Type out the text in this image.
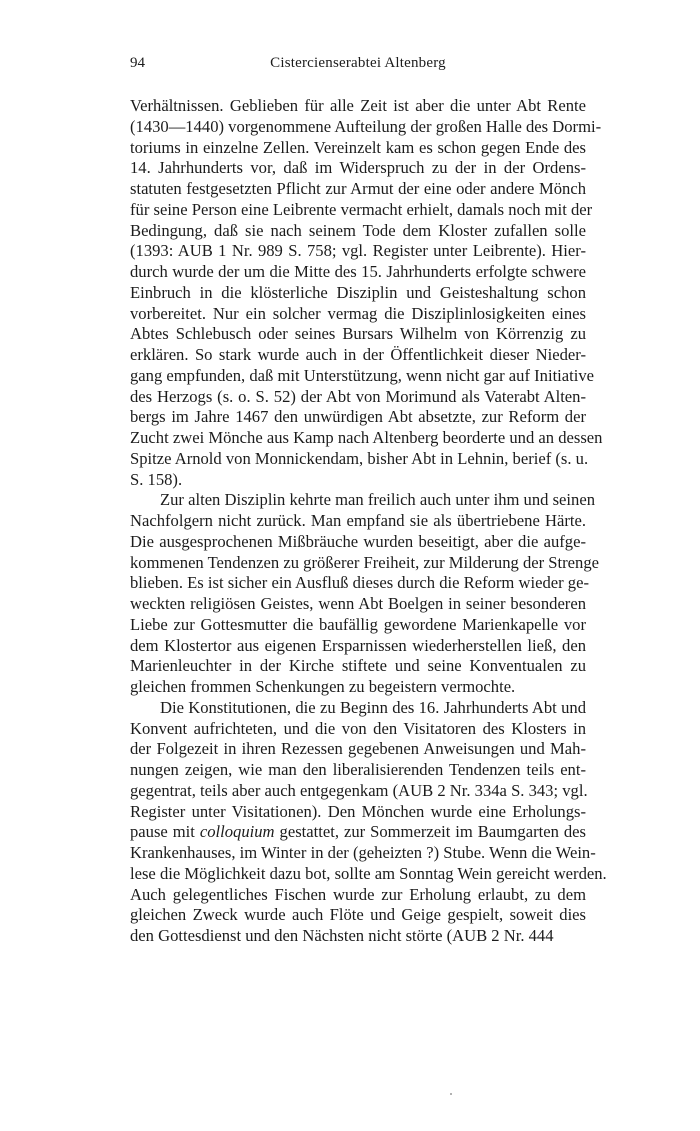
94	Cistercienserabtei Altenberg
Verhältnissen. Geblieben für alle Zeit ist aber die unter Abt Rente
(1430—1440) vorgenommene Aufteilung der großen Halle des Dormi-
toriums in einzelne Zellen. Vereinzelt kam es schon gegen Ende des
14. Jahrhunderts vor, daß im Widerspruch zu der in der Ordens-
statuten festgesetzten Pflicht zur Armut der eine oder andere Mönch
für seine Person eine Leibrente vermacht erhielt, damals noch mit der
Bedingung, daß sie nach seinem Tode dem Kloster zufallen solle
(1393: AUB 1 Nr. 989 S. 758; vgl. Register unter Leibrente). Hier-
durch wurde der um die Mitte des 15. Jahrhunderts erfolgte schwere
Einbruch in die klösterliche Disziplin und Geisteshaltung schon
vorbereitet. Nur ein solcher vermag die Disziplinlosigkeiten eines
Abtes Schlebusch oder seines Bursars Wilhelm von Körrenzig zu
erklären. So stark wurde auch in der Öffentlichkeit dieser Nieder-
gang empfunden, daß mit Unterstützung, wenn nicht gar auf Initiative
des Herzogs (s. o. S. 52) der Abt von Morimund als Vaterabt Alten-
bergs im Jahre 1467 den unwürdigen Abt absetzte, zur Reform der
Zucht zwei Mönche aus Kamp nach Altenberg beorderte und an dessen
Spitze Arnold von Monnickendam, bisher Abt in Lehnin, berief (s. u.
S. 158).
Zur alten Disziplin kehrte man freilich auch unter ihm und seinen
Nachfolgern nicht zurück. Man empfand sie als übertriebene Härte.
Die ausgesprochenen Mißbräuche wurden beseitigt, aber die aufge-
kommenen Tendenzen zu größerer Freiheit, zur Milderung der Strenge
blieben. Es ist sicher ein Ausfluß dieses durch die Reform wieder ge-
weckten religiösen Geistes, wenn Abt Boelgen in seiner besonderen
Liebe zur Gottesmutter die baufällig gewordene Marienkapelle vor
dem Klostertor aus eigenen Ersparnissen wiederherstellen ließ, den
Marienleuchter in der Kirche stiftete und seine Konventualen zu
gleichen frommen Schenkungen zu begeistern vermochte.
Die Konstitutionen, die zu Beginn des 16. Jahrhunderts Abt und
Konvent aufrichteten, und die von den Visitatoren des Klosters in
der Folgezeit in ihren Rezessen gegebenen Anweisungen und Mah-
nungen zeigen, wie man den liberalisierenden Tendenzen teils ent-
gegentrat, teils aber auch entgegenkam (AUB 2 Nr. 334a S. 343; vgl.
Register unter Visitationen). Den Mönchen wurde eine Erholungs-
pause mit colloquium gestattet, zur Sommerzeit im Baumgarten des
Krankenhauses, im Winter in der (geheizten ?) Stube. Wenn die Wein-
lese die Möglichkeit dazu bot, sollte am Sonntag Wein gereicht werden.
Auch gelegentliches Fischen wurde zur Erholung erlaubt, zu dem
gleichen Zweck wurde auch Flöte und Geige gespielt, soweit dies
den Gottesdienst und den Nächsten nicht störte (AUB 2 Nr. 444
